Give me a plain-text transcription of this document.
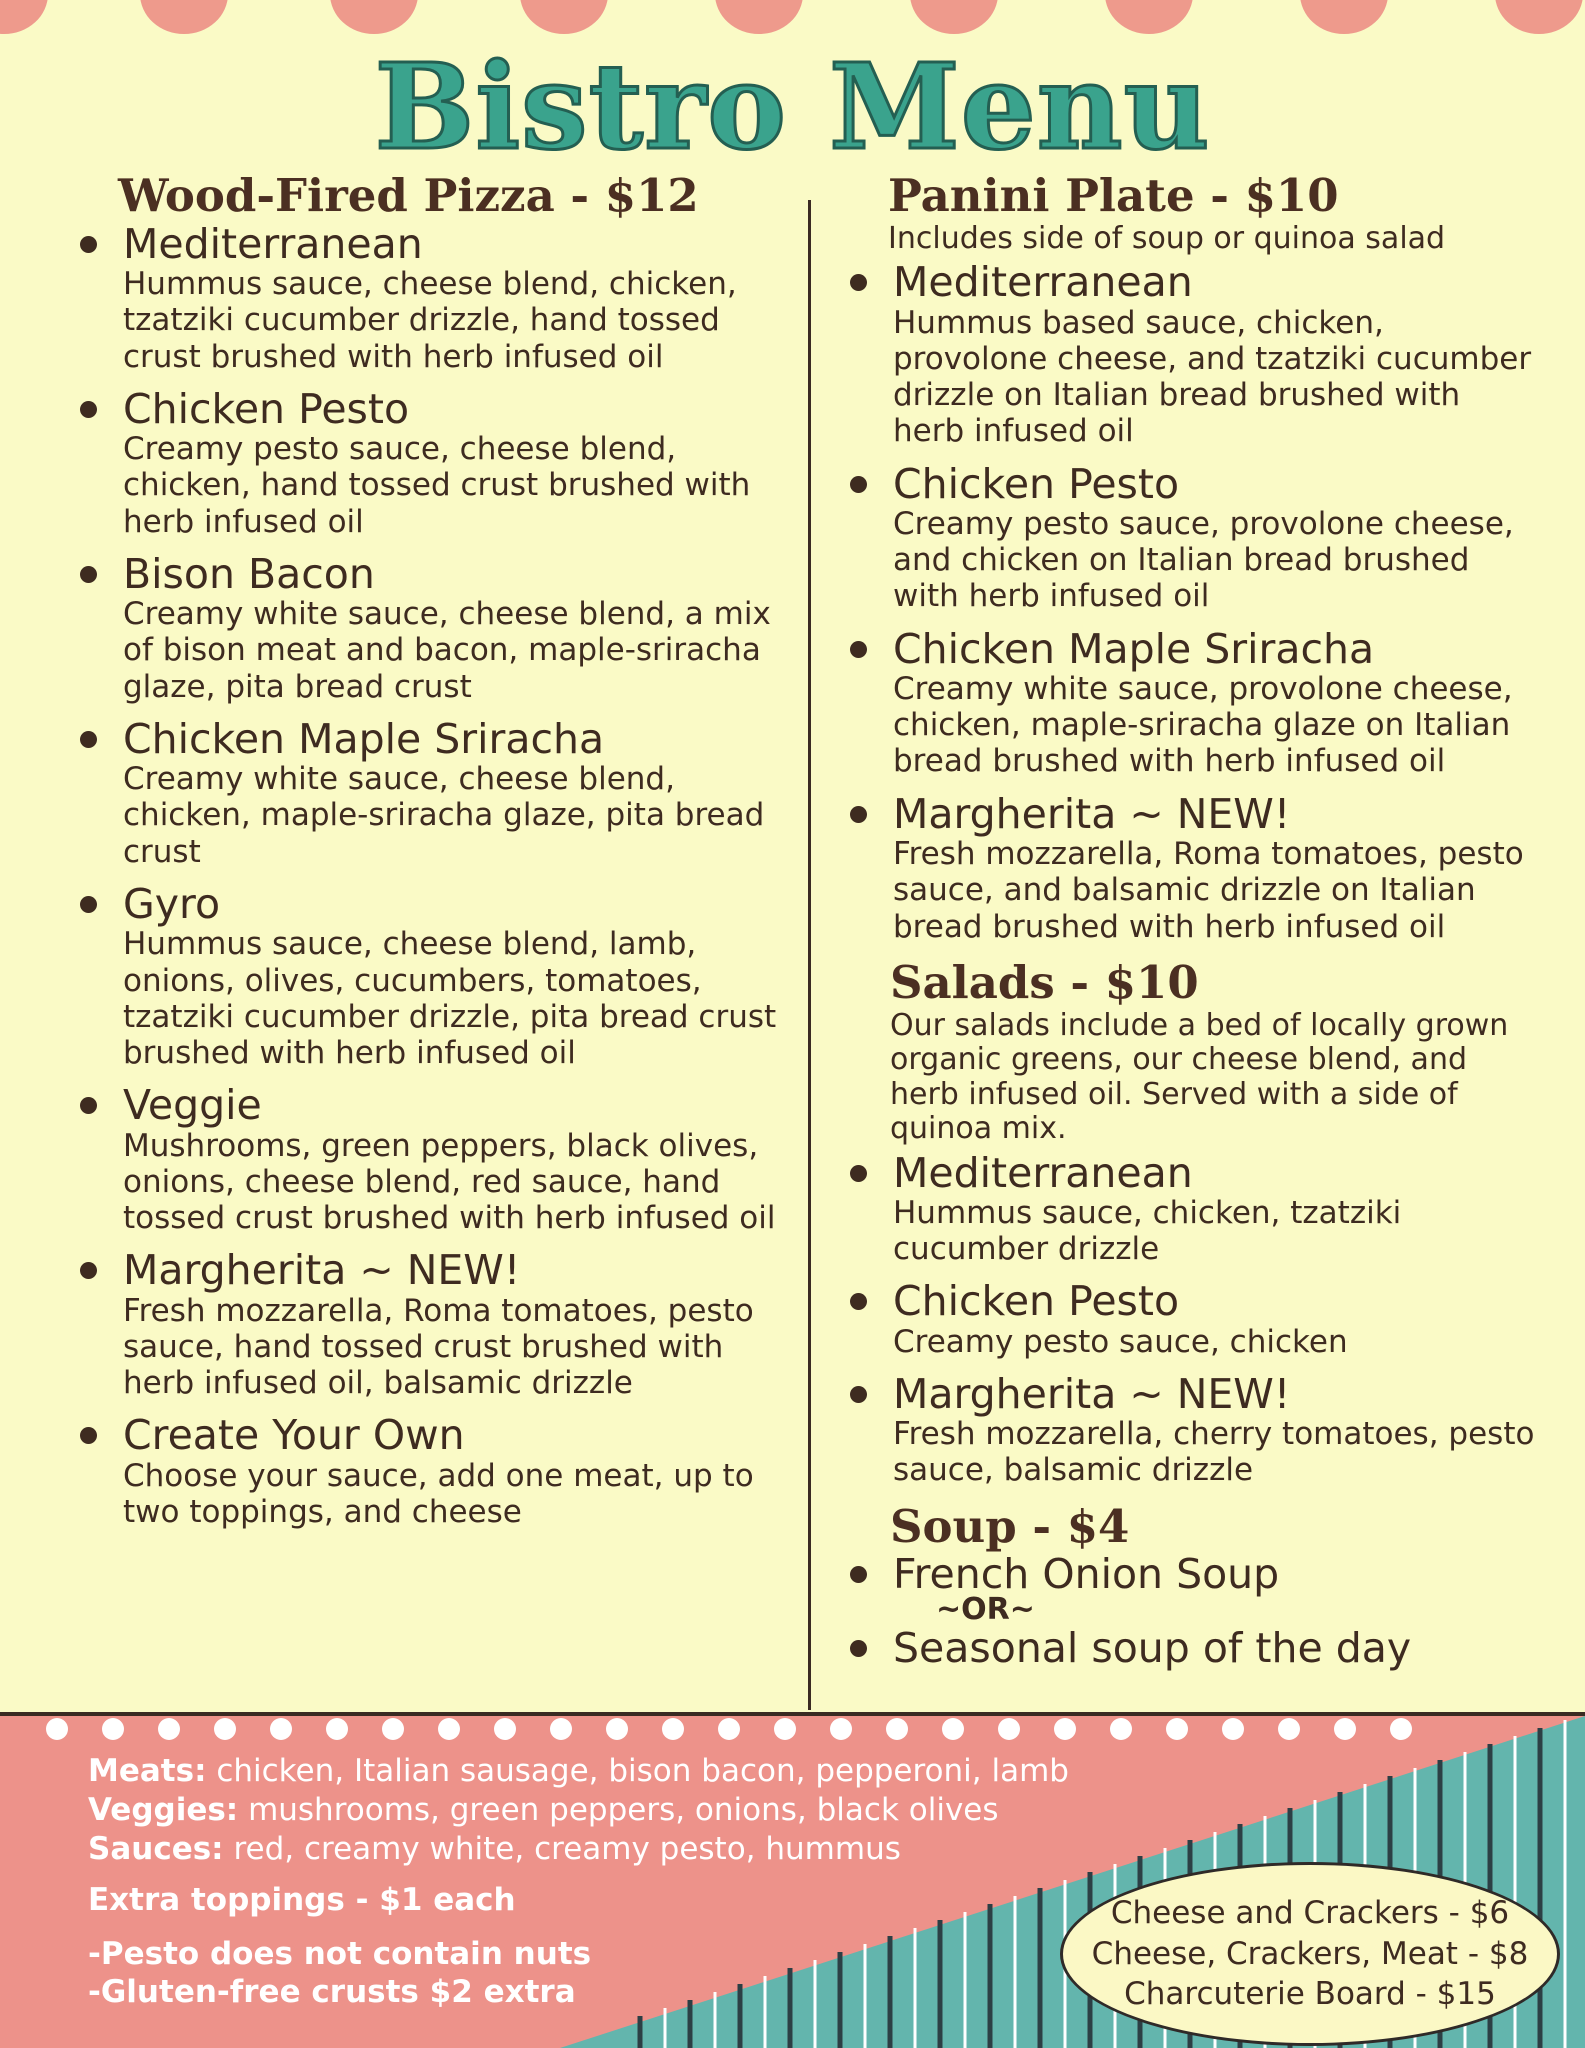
Bistro Menu
Wood-Fired Pizza - $12
Mediterranean
Hummus sauce, cheese blend, chicken, tzatziki cucumber drizzle, hand tossed crust brushed with herb infused oil
Chicken Pesto
Creamy pesto sauce, cheese blend, chicken, hand tossed crust brushed with herb infused oil
Bison Bacon
Creamy white sauce, cheese blend, a mix of bison meat and bacon, maple-sriracha glaze, pita bread crust
Chicken Maple Sriracha
Creamy white sauce, cheese blend, chicken, maple-sriracha glaze, pita bread crust
Gyro
Hummus sauce, cheese blend, lamb, onions, olives, cucumbers, tomatoes, tzatziki cucumber drizzle, pita bread crust brushed with herb infused oil
Veggie
Mushrooms, green peppers, black olives, onions, cheese blend, red sauce, hand tossed crust brushed with herb infused oil
Margherita ~ NEW!
Fresh mozzarella, Roma tomatoes, pesto sauce, hand tossed crust brushed with herb infused oil, balsamic drizzle
Create Your Own
Choose your sauce, add one meat, up to two toppings, and cheese
Panini Plate - $10

Includes side of soup or quinoa salad

Mediterranean
Hummus based sauce, chicken, provolone cheese, and tzatziki cucumber drizzle on Italian bread brushed with herb infused oil
Chicken Pesto
Creamy pesto sauce, provolone cheese, and chicken on Italian bread brushed with herb infused oil
Chicken Maple Sriracha
Creamy white sauce, provolone cheese, chicken, maple-sriracha glaze on Italian bread brushed with herb infused oil
Margherita ~ NEW!
Fresh mozzarella, Roma tomatoes, pesto sauce, and balsamic drizzle on Italian bread brushed with herb infused oil
Salads - $10

Our salads include a bed of locally grown organic greens, our cheese blend, and herb infused oil. Served with a side of quinoa mix.

Mediterranean
Hummus sauce, chicken, tzatziki cucumber drizzle
Chicken Pesto
Creamy pesto sauce, chicken
Margherita ~ NEW!
Fresh mozzarella, cherry tomatoes, pesto sauce, balsamic drizzle
Soup - $4
French Onion Soup
~OR~
Seasonal soup of the day

Meats: chicken, Italian sausage, bison bacon, pepperoni, lamb

Veggies: mushrooms, green peppers, onions, black olives

Sauces: red, creamy white, creamy pesto, hummus

Extra toppings - $1 each

-Pesto does not contain nuts

-Gluten-free crusts $2 extra

Cheese and Crackers - $6
Cheese, Crackers, Meat - $8
Charcuterie Board - $15
